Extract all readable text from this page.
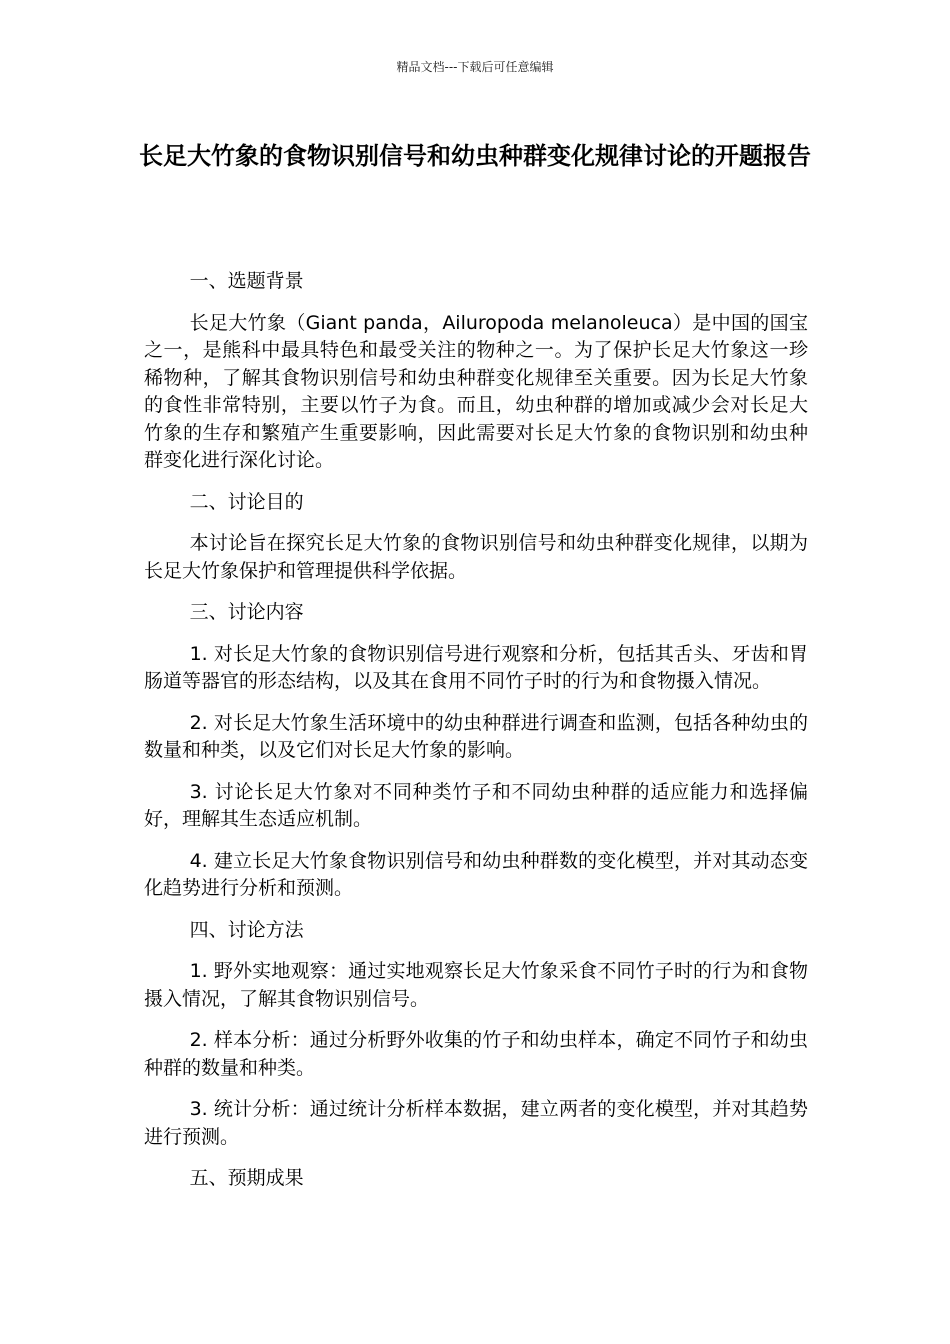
精品文档---下载后可任意编辑
长足大竹象的食物识别信号和幼虫种群变化规律讨论的开题报告

一、选题背景

长足大竹象（Giant panda，Ailuropoda melanoleuca）是中国的国宝之一，是熊科中最具特色和最受关注的物种之一。为了保护长足大竹象这一珍稀物种，了解其食物识别信号和幼虫种群变化规律至关重要。因为长足大竹象的食性非常特别，主要以竹子为食。而且，幼虫种群的增加或减少会对长足大竹象的生存和繁殖产生重要影响，因此需要对长足大竹象的食物识别和幼虫种群变化进行深化讨论。

二、讨论目的

本讨论旨在探究长足大竹象的食物识别信号和幼虫种群变化规律，以期为长足大竹象保护和管理提供科学依据。

三、讨论内容

1. 对长足大竹象的食物识别信号进行观察和分析，包括其舌头、牙齿和胃肠道等器官的形态结构，以及其在食用不同竹子时的行为和食物摄入情况。

2. 对长足大竹象生活环境中的幼虫种群进行调查和监测，包括各种幼虫的数量和种类，以及它们对长足大竹象的影响。

3. 讨论长足大竹象对不同种类竹子和不同幼虫种群的适应能力和选择偏好，理解其生态适应机制。

4. 建立长足大竹象食物识别信号和幼虫种群数的变化模型，并对其动态变化趋势进行分析和预测。

四、讨论方法

1. 野外实地观察：通过实地观察长足大竹象采食不同竹子时的行为和食物摄入情况，了解其食物识别信号。

2. 样本分析：通过分析野外收集的竹子和幼虫样本，确定不同竹子和幼虫种群的数量和种类。

3. 统计分析：通过统计分析样本数据，建立两者的变化模型，并对其趋势进行预测。

五、预期成果
